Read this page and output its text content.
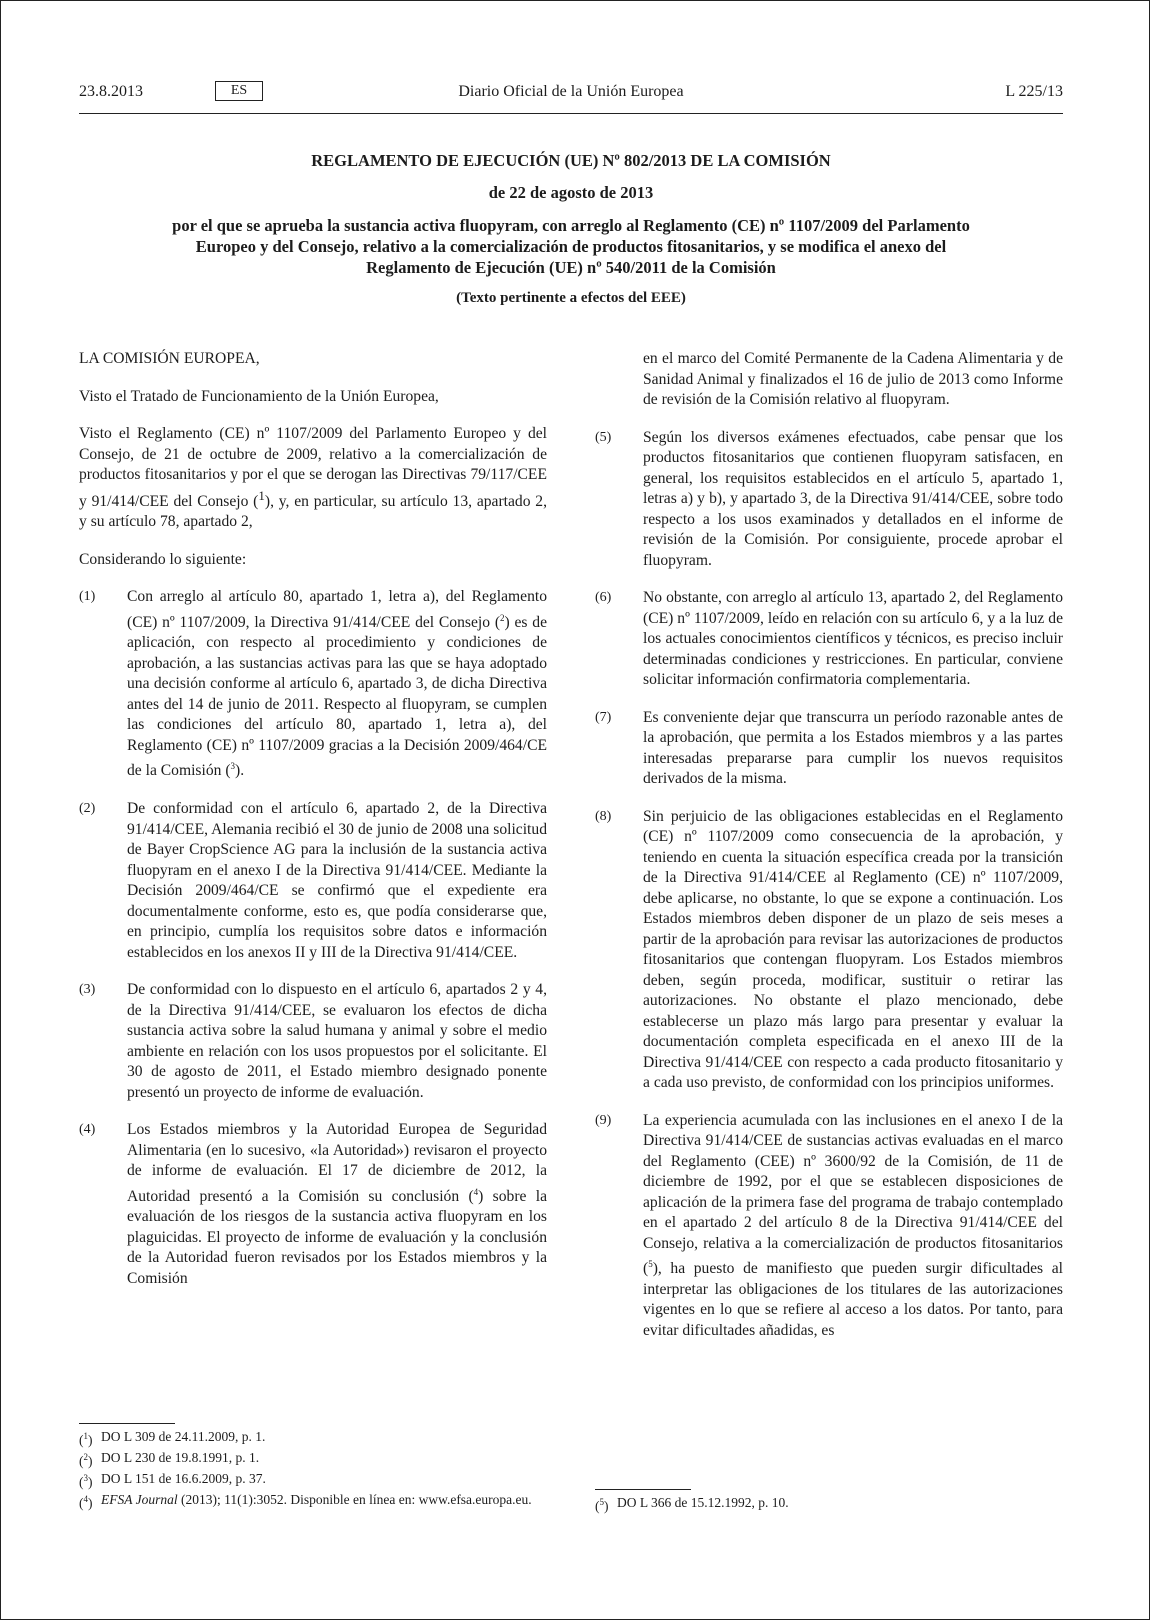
23.8.2013	ES	Diario Oficial de la Unión Europea	L 225/13
REGLAMENTO DE EJECUCIÓN (UE) Nº 802/2013 DE LA COMISIÓN
de 22 de agosto de 2013
por el que se aprueba la sustancia activa fluopyram, con arreglo al Reglamento (CE) nº 1107/2009 del Parlamento Europeo y del Consejo, relativo a la comercialización de productos fitosanitarios, y se modifica el anexo del Reglamento de Ejecución (UE) nº 540/2011 de la Comisión
(Texto pertinente a efectos del EEE)

LA COMISIÓN EUROPEA,

Visto el Tratado de Funcionamiento de la Unión Europea,

Visto el Reglamento (CE) nº 1107/2009 del Parlamento Europeo y del Consejo, de 21 de octubre de 2009, relativo a la comercialización de productos fitosanitarios y por el que se derogan las Directivas 79/117/CEE y 91/414/CEE del Consejo ($^1$), y, en particular, su artículo 13, apartado 2, y su artículo 78, apartado 2,

Considerando lo siguiente:

(1)	Con arreglo al artículo 80, apartado 1, letra a), del Reglamento (CE) nº 1107/2009, la Directiva 91/414/CEE del Consejo ($^2$) es de aplicación, con respecto al procedimiento y condiciones de aprobación, a las sustancias activas para las que se haya adoptado una decisión conforme al artículo 6, apartado 3, de dicha Directiva antes del 14 de junio de 2011. Respecto al fluopyram, se cumplen las condiciones del artículo 80, apartado 1, letra a), del Reglamento (CE) nº 1107/2009 gracias a la Decisión 2009/464/CE de la Comisión ($^3$).
(2)	De conformidad con el artículo 6, apartado 2, de la Directiva 91/414/CEE, Alemania recibió el 30 de junio de 2008 una solicitud de Bayer CropScience AG para la inclusión de la sustancia activa fluopyram en el anexo I de la Directiva 91/414/CEE. Mediante la Decisión 2009/464/CE se confirmó que el expediente era documentalmente conforme, esto es, que podía considerarse que, en principio, cumplía los requisitos sobre datos e información establecidos en los anexos II y III de la Directiva 91/414/CEE.
(3)	De conformidad con lo dispuesto en el artículo 6, apartados 2 y 4, de la Directiva 91/414/CEE, se evaluaron los efectos de dicha sustancia activa sobre la salud humana y animal y sobre el medio ambiente en relación con los usos propuestos por el solicitante. El 30 de agosto de 2011, el Estado miembro designado ponente presentó un proyecto de informe de evaluación.
(4)	Los Estados miembros y la Autoridad Europea de Seguridad Alimentaria (en lo sucesivo, «la Autoridad») revisaron el proyecto de informe de evaluación. El 17 de diciembre de 2012, la Autoridad presentó a la Comisión su conclusión ($^4$) sobre la evaluación de los riesgos de la sustancia activa fluopyram en los plaguicidas. El proyecto de informe de evaluación y la conclusión de la Autoridad fueron revisados por los Estados miembros y la Comisión
en el marco del Comité Permanente de la Cadena Alimentaria y de Sanidad Animal y finalizados el 16 de julio de 2013 como Informe de revisión de la Comisión relativo al fluopyram.
(5)	Según los diversos exámenes efectuados, cabe pensar que los productos fitosanitarios que contienen fluopyram satisfacen, en general, los requisitos establecidos en el artículo 5, apartado 1, letras a) y b), y apartado 3, de la Directiva 91/414/CEE, sobre todo respecto a los usos examinados y detallados en el informe de revisión de la Comisión. Por consiguiente, procede aprobar el fluopyram.
(6)	No obstante, con arreglo al artículo 13, apartado 2, del Reglamento (CE) nº 1107/2009, leído en relación con su artículo 6, y a la luz de los actuales conocimientos científicos y técnicos, es preciso incluir determinadas condiciones y restricciones. En particular, conviene solicitar información confirmatoria complementaria.
(7)	Es conveniente dejar que transcurra un período razonable antes de la aprobación, que permita a los Estados miembros y a las partes interesadas prepararse para cumplir los nuevos requisitos derivados de la misma.
(8)	Sin perjuicio de las obligaciones establecidas en el Reglamento (CE) nº 1107/2009 como consecuencia de la aprobación, y teniendo en cuenta la situación específica creada por la transición de la Directiva 91/414/CEE al Reglamento (CE) nº 1107/2009, debe aplicarse, no obstante, lo que se expone a continuación. Los Estados miembros deben disponer de un plazo de seis meses a partir de la aprobación para revisar las autorizaciones de productos fitosanitarios que contengan fluopyram. Los Estados miembros deben, según proceda, modificar, sustituir o retirar las autorizaciones. No obstante el plazo mencionado, debe establecerse un plazo más largo para presentar y evaluar la documentación completa especificada en el anexo III de la Directiva 91/414/CEE con respecto a cada producto fitosanitario y a cada uso previsto, de conformidad con los principios uniformes.
(9)	La experiencia acumulada con las inclusiones en el anexo I de la Directiva 91/414/CEE de sustancias activas evaluadas en el marco del Reglamento (CEE) nº 3600/92 de la Comisión, de 11 de diciembre de 1992, por el que se establecen disposiciones de aplicación de la primera fase del programa de trabajo contemplado en el apartado 2 del artículo 8 de la Directiva 91/414/CEE del Consejo, relativa a la comercialización de productos fitosanitarios ($^5$), ha puesto de manifiesto que pueden surgir dificultades al interpretar las obligaciones de los titulares de las autorizaciones vigentes en lo que se refiere al acceso a los datos. Por tanto, para evitar dificultades añadidas, es
($^1$) DO L 309 de 24.11.2009, p. 1.
($^2$) DO L 230 de 19.8.1991, p. 1.
($^3$) DO L 151 de 16.6.2009, p. 37.
($^4$) EFSA Journal (2013); 11(1):3052. Disponible en línea en: www.efsa.europa.eu.	($^5$) DO L 366 de 15.12.1992, p. 10.
